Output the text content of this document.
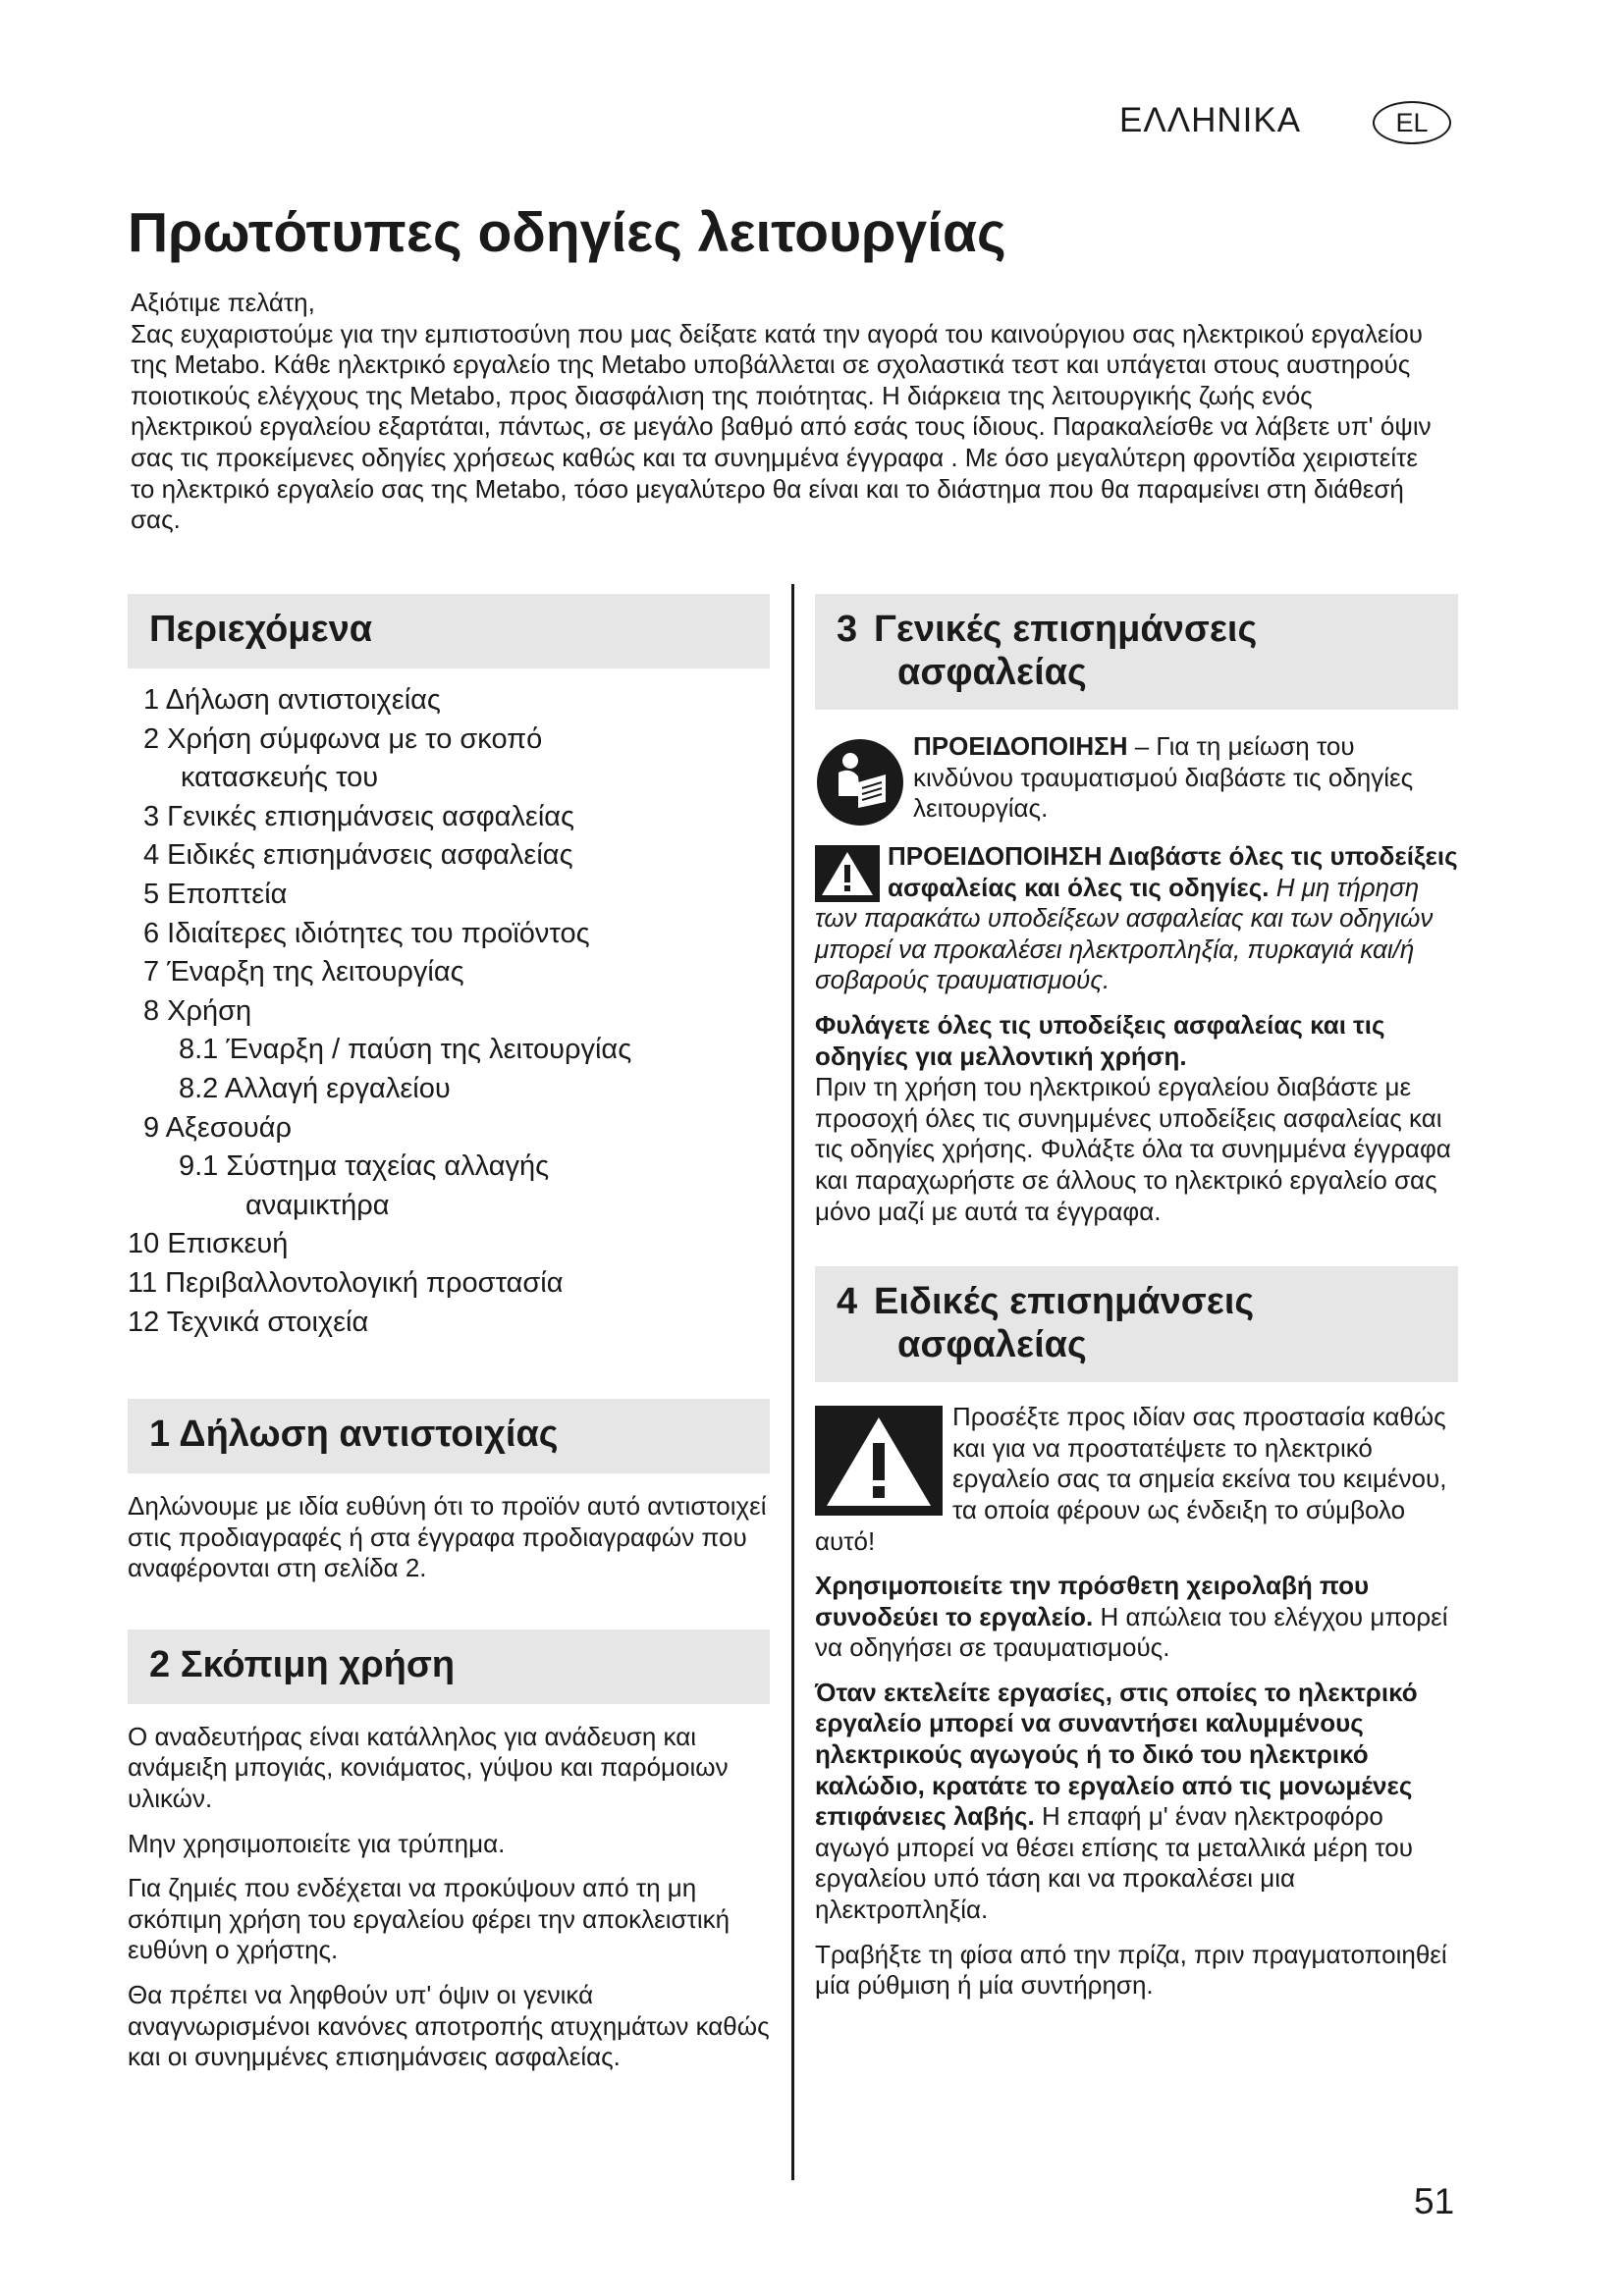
ΕΛΛΗΝΙΚΑ	EL
Πρωτότυπες οδηγίες λειτουργίας

Αξιότιμε πελάτη,

Σας ευχαριστούμε για την εμπιστοσύνη που μας δείξατε κατά την αγορά του καινούργιου σας ηλεκτρικού εργαλείου της Metabo. Κάθε ηλεκτρικό εργαλείο της Metabo υποβάλλεται σε σχολαστικά τεστ και υπάγεται στους αυστηρούς ποιοτικούς ελέγχους της Metabo, προς διασφάλιση της ποιότητας. Η διάρκεια της λειτουργικής ζωής ενός ηλεκτρικού εργαλείου εξαρτάται, πάντως, σε μεγάλο βαθμό από εσάς τους ίδιους. Παρακαλείσθε να λάβετε υπ' όψιν σας τις προκείμενες οδηγίες χρήσεως καθώς και τα συνημμένα έγγραφα . Με όσο μεγαλύτερη φροντίδα χειριστείτε το ηλεκτρικό εργαλείο σας της Metabo, τόσο μεγαλύτερο θα είναι και το διάστημα που θα παραμείνει στη διάθεσή σας.

Περιεχόμενα
1 Δήλωση αντιστοιχείας
2 Χρήση σύμφωνα με το σκοπό
κατασκευής του
3 Γενικές επισημάνσεις ασφαλείας
4 Ειδικές επισημάνσεις ασφαλείας
5 Εποπτεία
6 Ιδιαίτερες ιδιότητες του προϊόντος
7 Έναρξη της λειτουργίας
8 Χρήση
8.1 Έναρξη / παύση της λειτουργίας
8.2 Αλλαγή εργαλείου
9 Αξεσουάρ
9.1 Σύστημα ταχείας αλλαγής
αναμικτήρα
10 Επισκευή
11 Περιβαλλοντολογική προστασία
12 Τεχνικά στοιχεία
1 Δήλωση αντιστοιχίας

Δηλώνουμε με ιδία ευθύνη ότι το προϊόν αυτό αντιστοιχεί στις προδιαγραφές ή στα έγγραφα προδιαγραφών που αναφέρονται στη σελίδα 2.

2 Σκόπιμη χρήση

Ο αναδευτήρας είναι κατάλληλος για ανάδευση και ανάμειξη μπογιάς, κονιάματος, γύψου και παρόμοιων υλικών.

Μην χρησιμοποιείτε για τρύπημα.

Για ζημιές που ενδέχεται να προκύψουν από τη μη σκόπιμη χρήση του εργαλείου φέρει την αποκλειστική ευθύνη ο χρήστης.

Θα πρέπει να ληφθούν υπ' όψιν οι γενικά αναγνωρισμένοι κανόνες αποτροπής ατυχημάτων καθώς και οι συνημμένες επισημάνσεις ασφαλείας.

3 Γενικές επισημάνσεις
ασφαλείας

ΠΡΟΕΙΔΟΠΟΙΗΣΗ – Για τη μείωση του κινδύνου τραυματισμού διαβάστε τις οδηγίες λειτουργίας.

ΠΡΟΕΙΔΟΠΟΙΗΣΗ Διαβάστε όλες τις υποδείξεις ασφαλείας και όλες τις οδηγίες. Η μη τήρηση των παρακάτω υποδείξεων ασφαλείας και των οδηγιών μπορεί να προκαλέσει ηλεκτροπληξία, πυρκαγιά και/ή σοβαρούς τραυματισμούς.

Φυλάγετε όλες τις υποδείξεις ασφαλείας και τις οδηγίες για μελλοντική χρήση.
Πριν τη χρήση του ηλεκτρικού εργαλείου διαβάστε με προσοχή όλες τις συνημμένες υποδείξεις ασφαλείας και τις οδηγίες χρήσης. Φυλάξτε όλα τα συνημμένα έγγραφα και παραχωρήστε σε άλλους το ηλεκτρικό εργαλείο σας μόνο μαζί με αυτά τα έγγραφα.

4 Ειδικές επισημάνσεις
ασφαλείας

Προσέξτε προς ιδίαν σας προστασία καθώς και για να προστατέψετε το ηλεκτρικό εργαλείο σας τα σημεία εκείνα του κειμένου, τα οποία φέρουν ως ένδειξη το σύμβολο αυτό!

Χρησιμοποιείτε την πρόσθετη χειρολαβή που συνοδεύει το εργαλείο. Η απώλεια του ελέγχου μπορεί να οδηγήσει σε τραυματισμούς.

Όταν εκτελείτε εργασίες, στις οποίες το ηλεκτρικό εργαλείο μπορεί να συναντήσει καλυμμένους ηλεκτρικούς αγωγούς ή το δικό του ηλεκτρικό καλώδιο, κρατάτε το εργαλείο από τις μονωμένες επιφάνειες λαβής. Η επαφή μ' έναν ηλεκτροφόρο αγωγό μπορεί να θέσει επίσης τα μεταλλικά μέρη του εργαλείου υπό τάση και να προκαλέσει μια ηλεκτροπληξία.

Τραβήξτε τη φίσα από την πρίζα, πριν πραγματοποιηθεί μία ρύθμιση ή μία συντήρηση.

51
